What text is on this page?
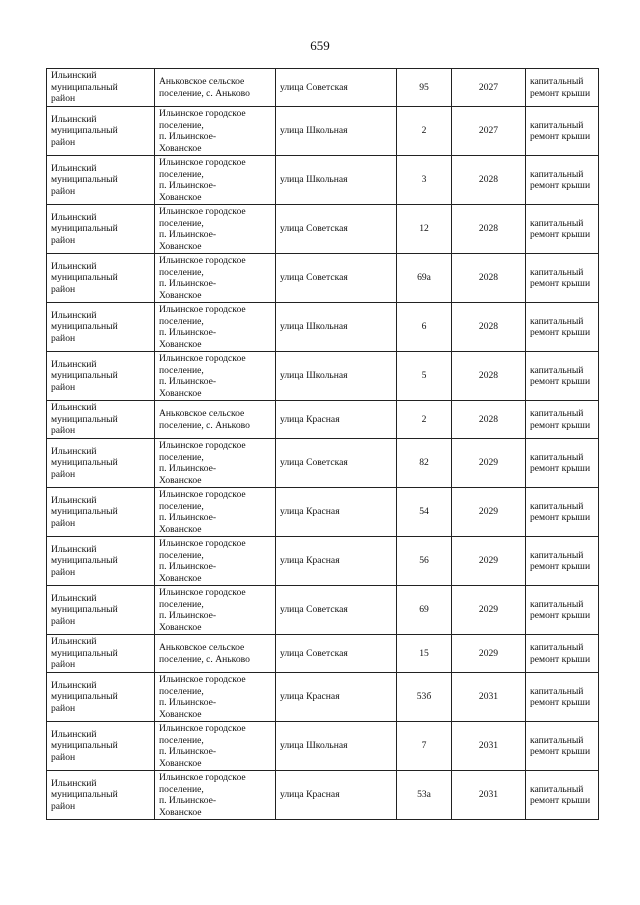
659
Ильинский
муниципальный
район	Аньковское сельское
поселение, с. Аньково	улица Советская	95	2027	капитальный
ремонт крыши

Ильинский
муниципальный
район	Ильинское городское
поселение,
п. Ильинское-
Хованское	улица Школьная	2	2027	капитальный
ремонт крыши

Ильинский
муниципальный
район	Ильинское городское
поселение,
п. Ильинское-
Хованское	улица Школьная	3	2028	капитальный
ремонт крыши

Ильинский
муниципальный
район	Ильинское городское
поселение,
п. Ильинское-
Хованское	улица Советская	12	2028	капитальный
ремонт крыши

Ильинский
муниципальный
район	Ильинское городское
поселение,
п. Ильинское-
Хованское	улица Советская	69а	2028	капитальный
ремонт крыши

Ильинский
муниципальный
район	Ильинское городское
поселение,
п. Ильинское-
Хованское	улица Школьная	6	2028	капитальный
ремонт крыши

Ильинский
муниципальный
район	Ильинское городское
поселение,
п. Ильинское-
Хованское	улица Школьная	5	2028	капитальный
ремонт крыши

Ильинский
муниципальный
район	Аньковское сельское
поселение, с. Аньково	улица Красная	2	2028	капитальный
ремонт крыши

Ильинский
муниципальный
район	Ильинское городское
поселение,
п. Ильинское-
Хованское	улица Советская	82	2029	капитальный
ремонт крыши

Ильинский
муниципальный
район	Ильинское городское
поселение,
п. Ильинское-
Хованское	улица Красная	54	2029	капитальный
ремонт крыши

Ильинский
муниципальный
район	Ильинское городское
поселение,
п. Ильинское-
Хованское	улица Красная	56	2029	капитальный
ремонт крыши

Ильинский
муниципальный
район	Ильинское городское
поселение,
п. Ильинское-
Хованское	улица Советская	69	2029	капитальный
ремонт крыши

Ильинский
муниципальный
район	Аньковское сельское
поселение, с. Аньково	улица Советская	15	2029	капитальный
ремонт крыши

Ильинский
муниципальный
район	Ильинское городское
поселение,
п. Ильинское-
Хованское	улица Красная	53б	2031	капитальный
ремонт крыши

Ильинский
муниципальный
район	Ильинское городское
поселение,
п. Ильинское-
Хованское	улица Школьная	7	2031	капитальный
ремонт крыши

Ильинский
муниципальный
район	Ильинское городское
поселение,
п. Ильинское-
Хованское	улица Красная	53а	2031	капитальный
ремонт крыши
